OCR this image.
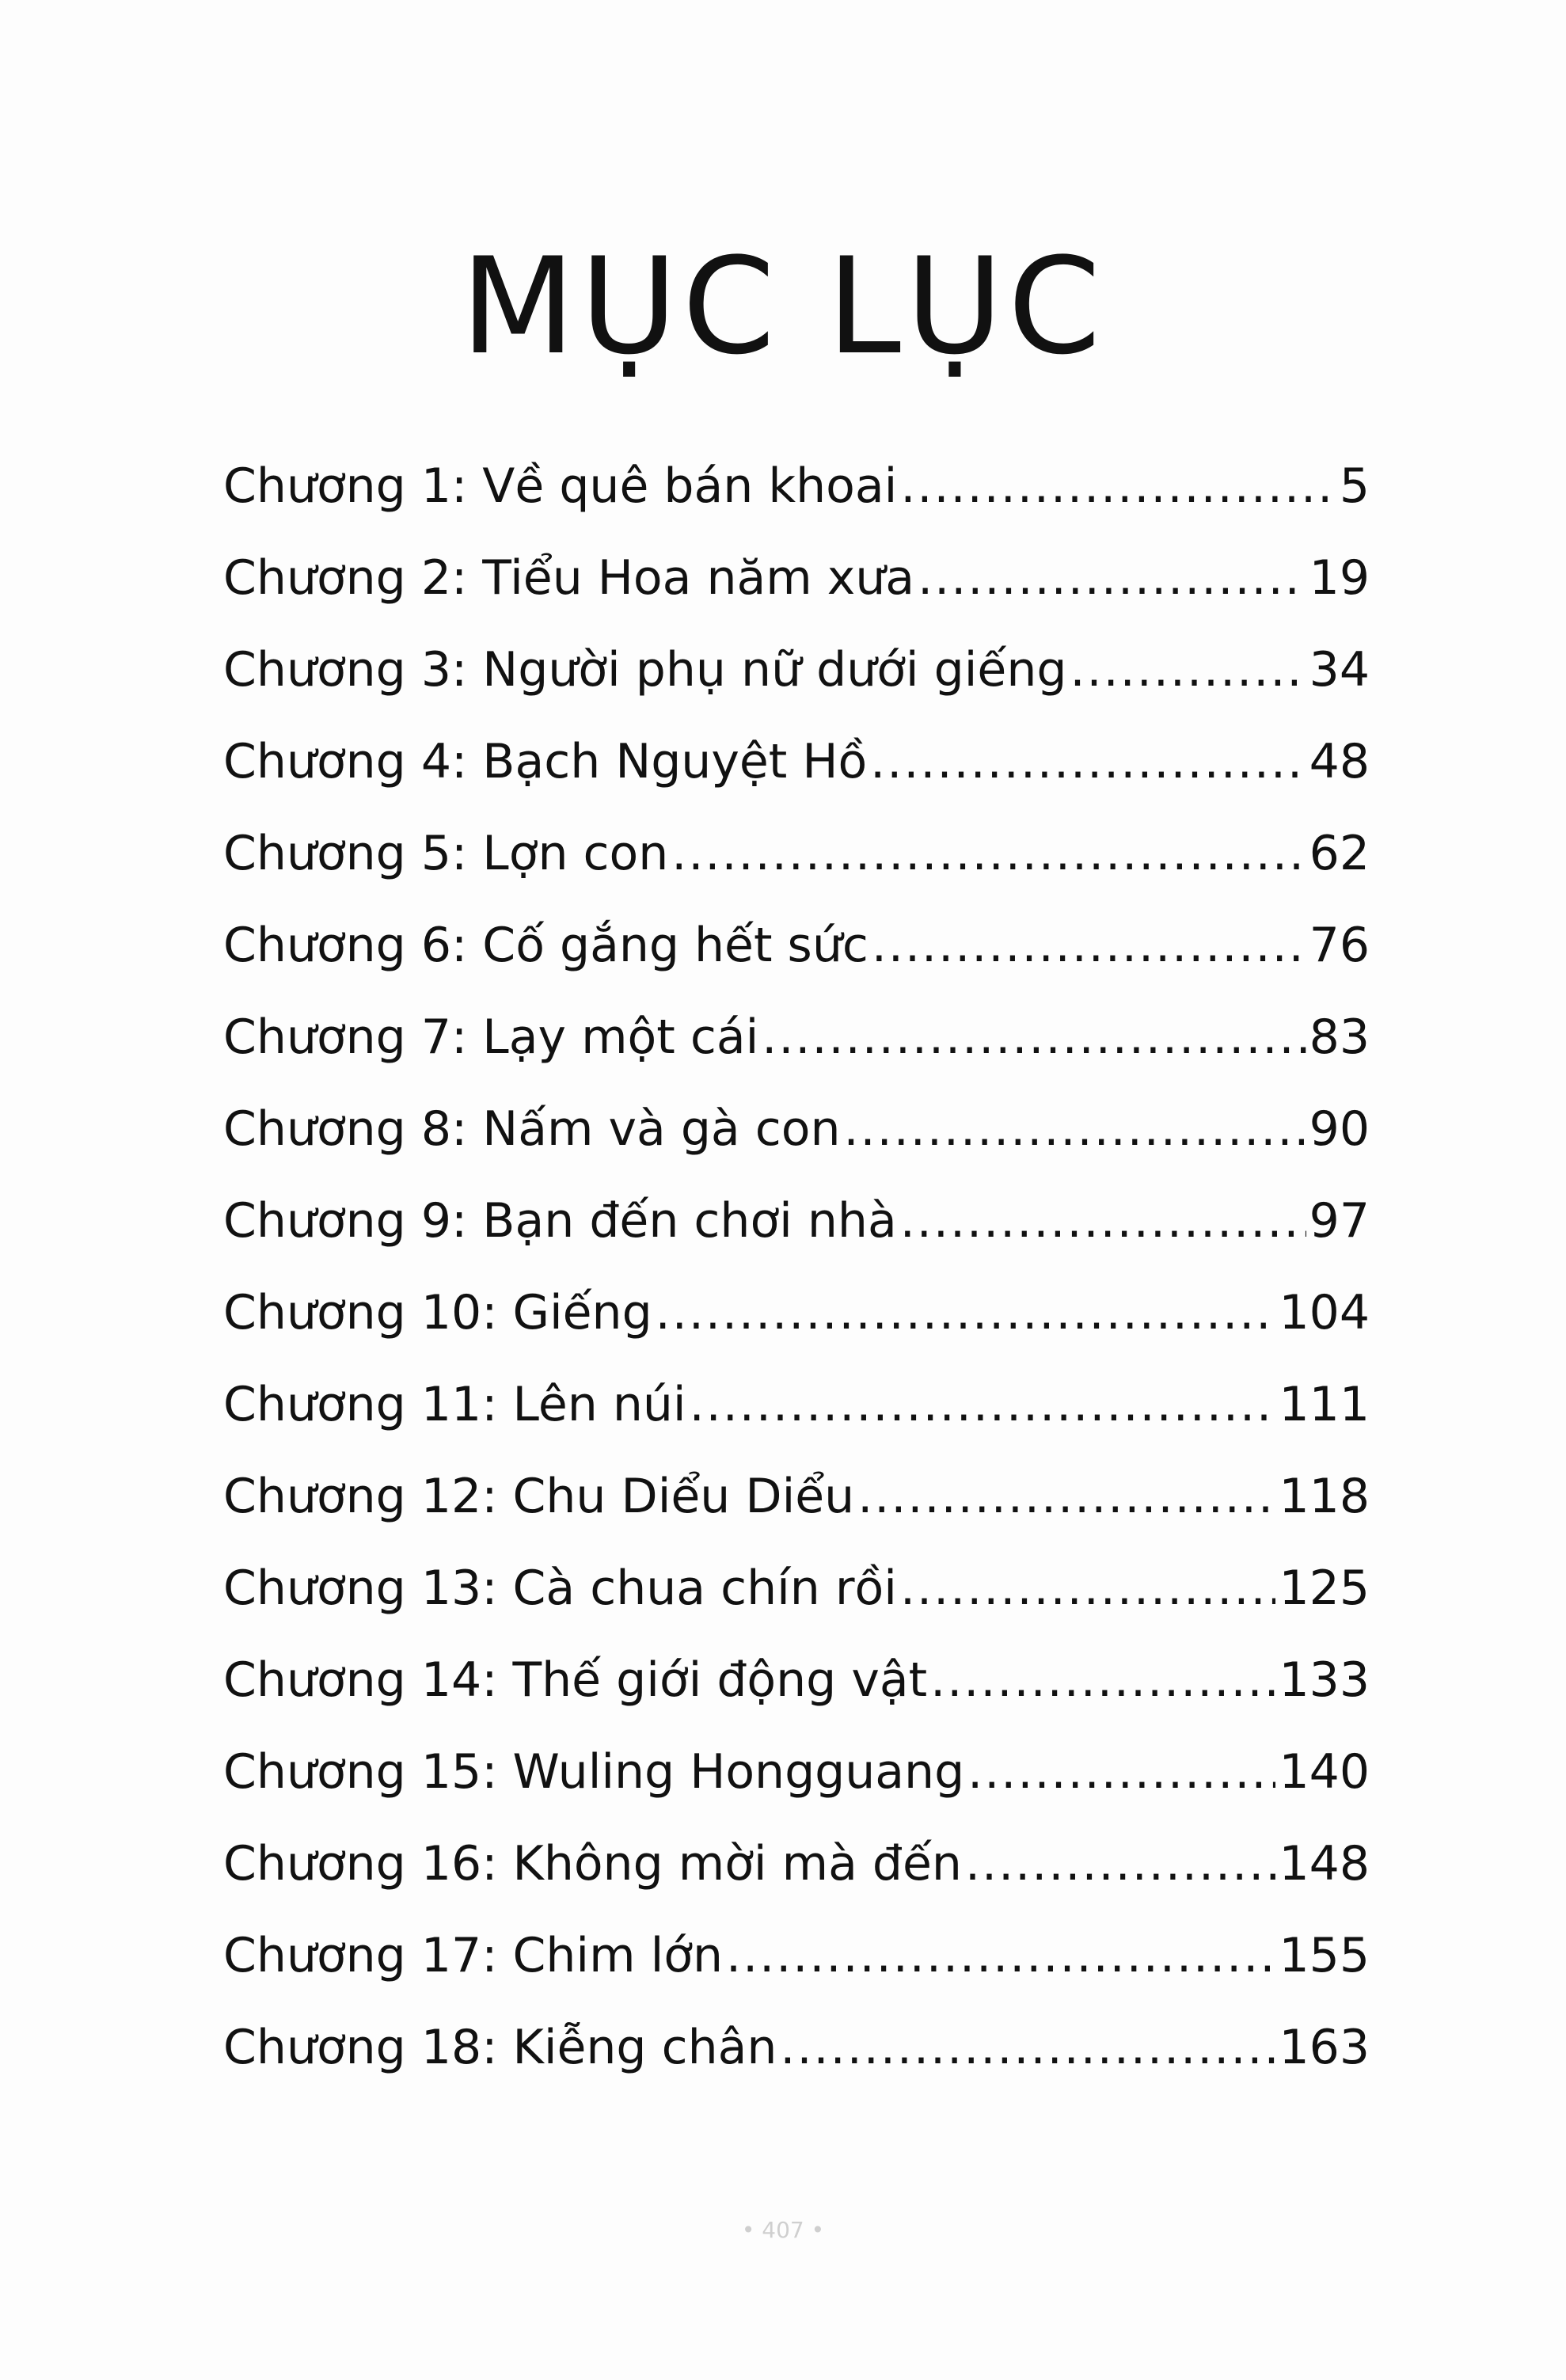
MỤC LỤC
Chương 1: Về quê bán khoai .....	5
Chương 2: Tiểu Hoa năm xưa .....	19
Chương 3: Người phụ nữ dưới giếng .....	34
Chương 4: Bạch Nguyệt Hồ .....	48
Chương 5: Lợn con .....	62
Chương 6: Cố gắng hết sức .....	76
Chương 7: Lạy một cái .....	83
Chương 8: Nấm và gà con .....	90
Chương 9: Bạn đến chơi nhà .....	97
Chương 10: Giếng .....	104
Chương 11: Lên núi .....	111
Chương 12: Chu Diểu Diểu .....	118
Chương 13: Cà chua chín rồi .....	125
Chương 14: Thế giới động vật .....	133
Chương 15: Wuling Hongguang .....	140
Chương 16: Không mời mà đến .....	148
Chương 17: Chim lớn .....	155
Chương 18: Kiễng chân .....	163
• 407 •
